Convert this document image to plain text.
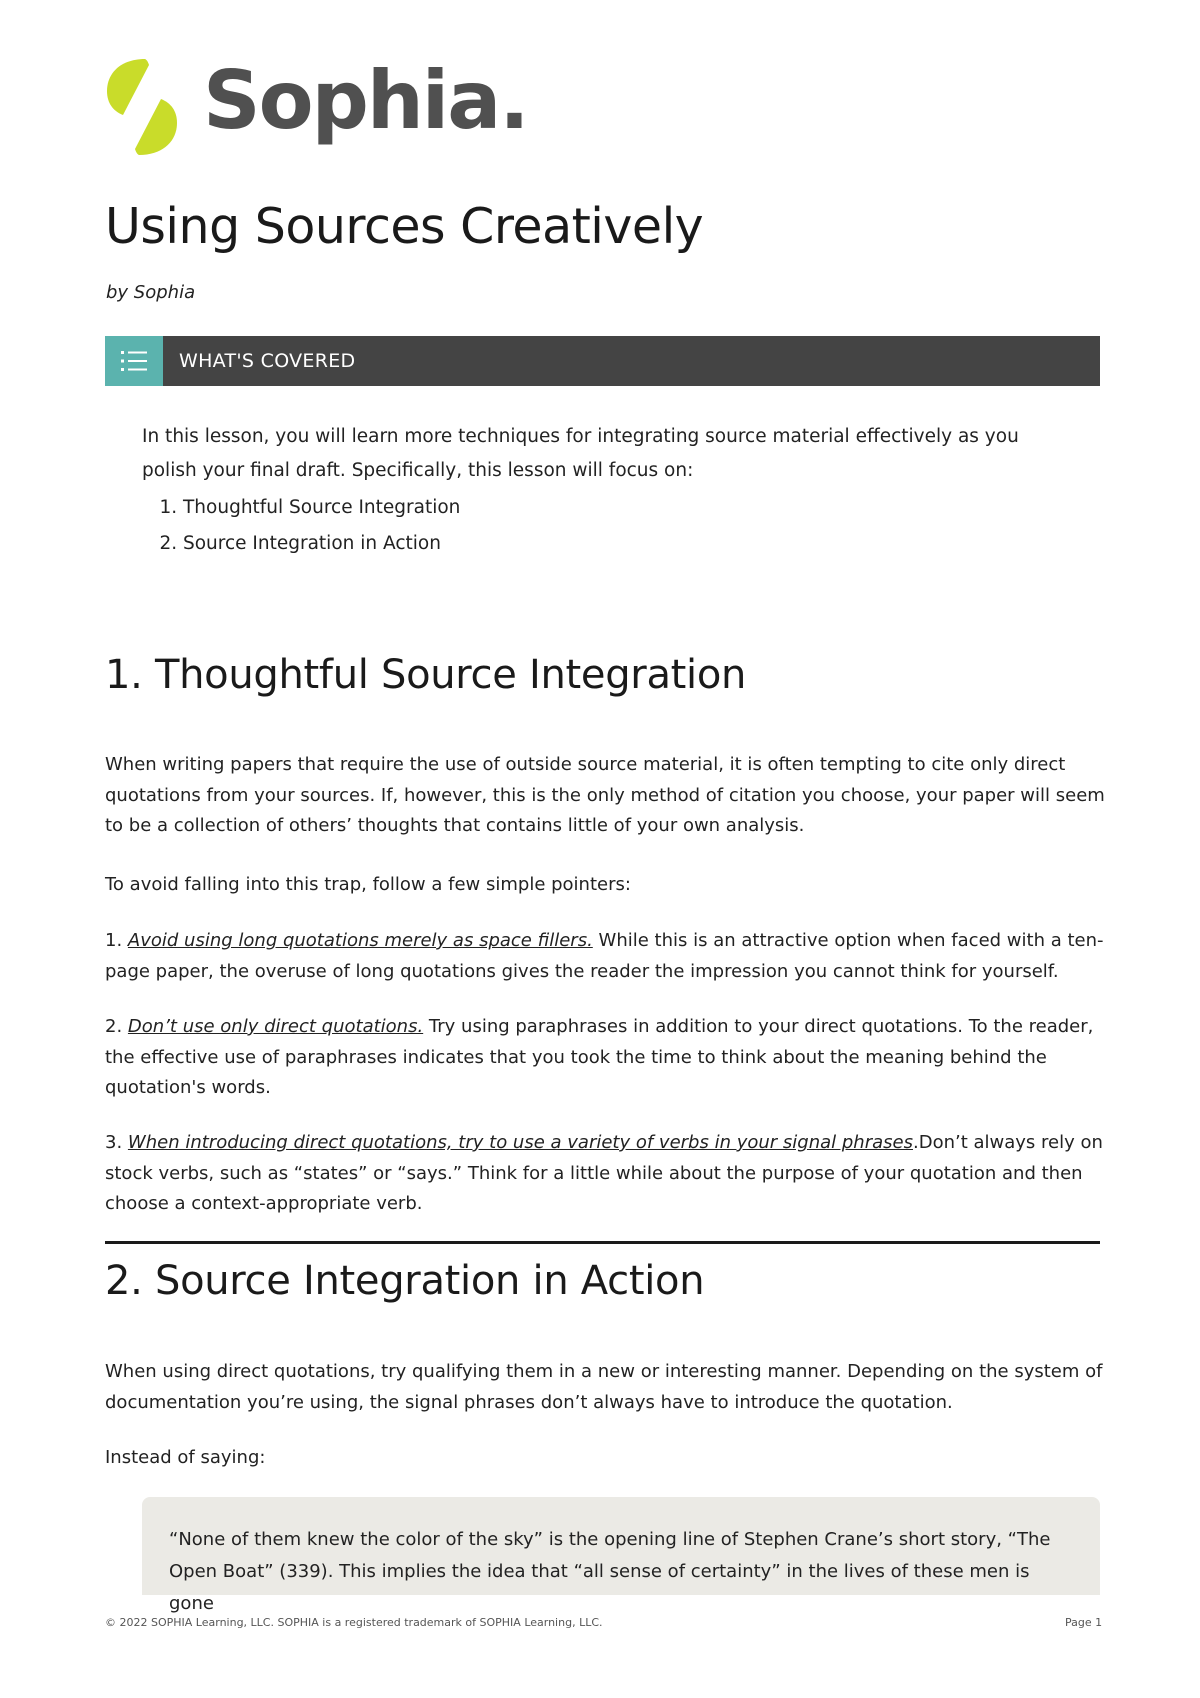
Sophia.
Using Sources Creatively
by Sophia
WHAT'S COVERED

In this lesson, you will learn more techniques for integrating source material effectively as you polish your final draft. Specifically, this lesson will focus on:

1. Thoughtful Source Integration
2. Source Integration in Action
1. Thoughtful Source Integration

When writing papers that require the use of outside source material, it is often tempting to cite only direct quotations from your sources. If, however, this is the only method of citation you choose, your paper will seem to be a collection of others’ thoughts that contains little of your own analysis.

To avoid falling into this trap, follow a few simple pointers:

1. Avoid using long quotations merely as space fillers. While this is an attractive option when faced with a ten-page paper, the overuse of long quotations gives the reader the impression you cannot think for yourself.

2. Don’t use only direct quotations. Try using paraphrases in addition to your direct quotations. To the reader, the effective use of paraphrases indicates that you took the time to think about the meaning behind the quotation's words.

3. When introducing direct quotations, try to use a variety of verbs in your signal phrases.Don’t always rely on stock verbs, such as “states” or “says.” Think for a little while about the purpose of your quotation and then choose a context-appropriate verb.

2. Source Integration in Action

When using direct quotations, try qualifying them in a new or interesting manner. Depending on the system of documentation you’re using, the signal phrases don’t always have to introduce the quotation.

Instead of saying:

“None of them knew the color of the sky” is the opening line of Stephen Crane’s short story, “The Open Boat” (339). This implies the idea that “all sense of certainty” in the lives of these men is gone

© 2022 SOPHIA Learning, LLC. SOPHIA is a registered trademark of SOPHIA Learning, LLC.	Page 1
